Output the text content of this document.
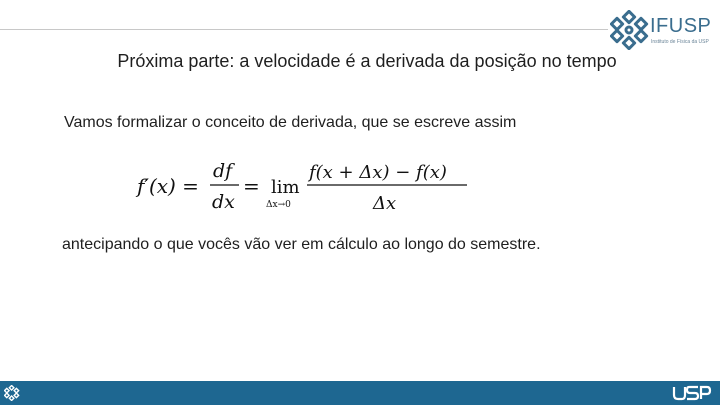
IFUSP
Instituto de Física da USP
Próxima parte: a velocidade é a derivada da posição no tempo
Vamos formalizar o conceito de derivada, que se escreve assim
f′(x) =
df
dx
= lim
Δx→0
f(x + Δx) − f(x)
Δx
antecipando o que vocês vão ver em cálculo ao longo do semestre.
